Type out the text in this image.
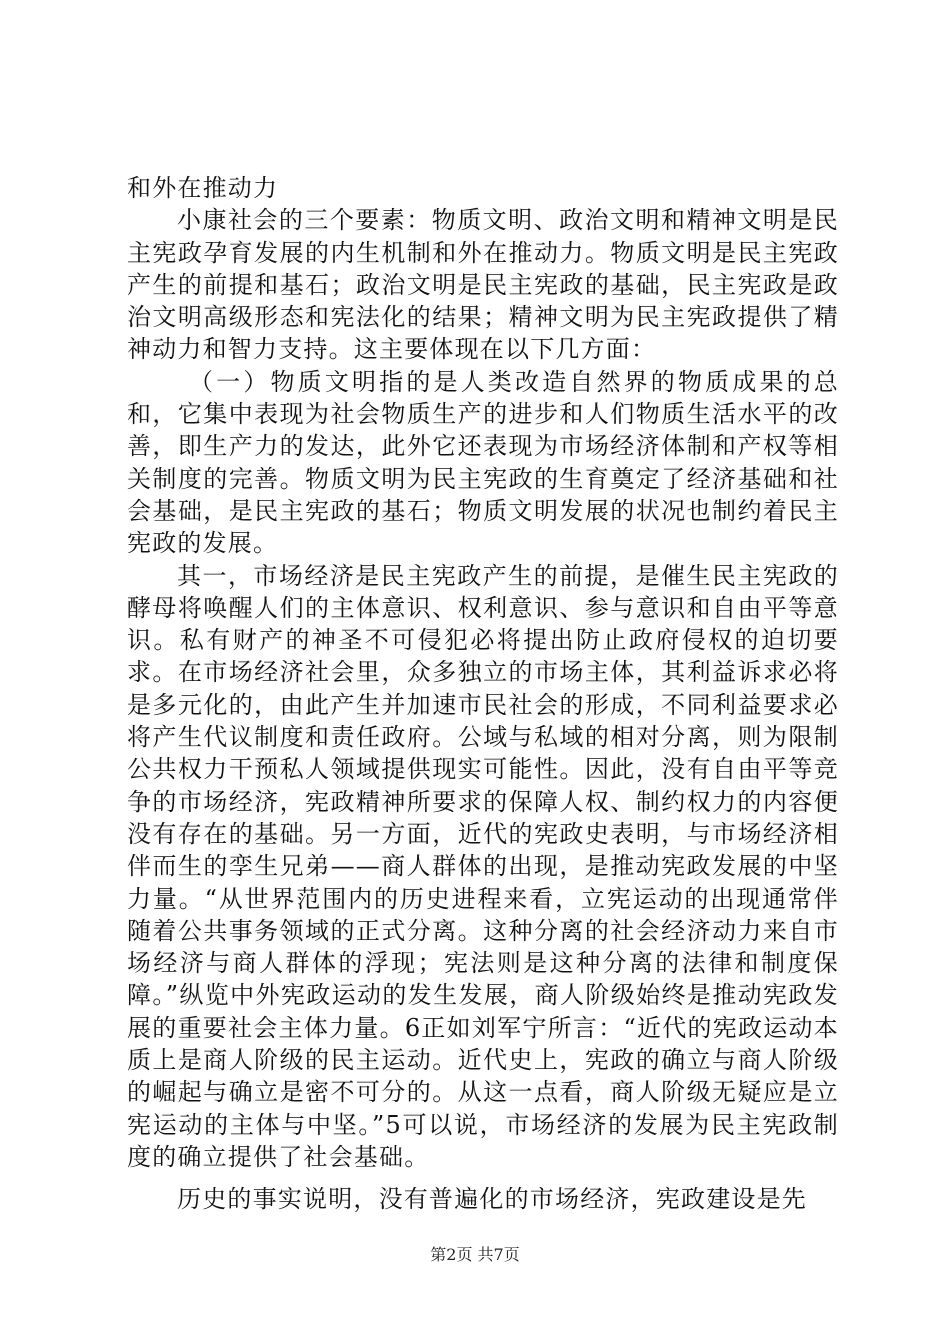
和外在推动力

小康社会的三个要素：物质文明、政治文明和精神文明是民主宪政孕育发展的内生机制和外在推动力。物质文明是民主宪政产生的前提和基石；政治文明是民主宪政的基础，民主宪政是政治文明高级形态和宪法化的结果；精神文明为民主宪政提供了精神动力和智力支持。这主要体现在以下几方面：

（一）物质文明指的是人类改造自然界的物质成果的总和，它集中表现为社会物质生产的进步和人们物质生活水平的改善，即生产力的发达，此外它还表现为市场经济体制和产权等相关制度的完善。物质文明为民主宪政的生育奠定了经济基础和社会基础，是民主宪政的基石；物质文明发展的状况也制约着民主宪政的发展。

其一，市场经济是民主宪政产生的前提，是催生民主宪政的酵母将唤醒人们的主体意识、权利意识、参与意识和自由平等意识。私有财产的神圣不可侵犯必将提出防止政府侵权的迫切要求。在市场经济社会里，众多独立的市场主体，其利益诉求必将是多元化的，由此产生并加速市民社会的形成，不同利益要求必将产生代议制度和责任政府。公域与私域的相对分离，则为限制公共权力干预私人领域提供现实可能性。因此，没有自由平等竞争的市场经济，宪政精神所要求的保障人权、制约权力的内容便没有存在的基础。另一方面，近代的宪政史表明，与市场经济相伴而生的孪生兄弟——商人群体的出现，是推动宪政发展的中坚力量。“从世界范围内的历史进程来看，立宪运动的出现通常伴随着公共事务领域的正式分离。这种分离的社会经济动力来自市场经济与商人群体的浮现；宪法则是这种分离的法律和制度保障。”纵览中外宪政运动的发生发展，商人阶级始终是推动宪政发展的重要社会主体力量。6正如刘军宁所言：“近代的宪政运动本质上是商人阶级的民主运动。近代史上，宪政的确立与商人阶级的崛起与确立是密不可分的。从这一点看，商人阶级无疑应是立宪运动的主体与中坚。”5可以说，市场经济的发展为民主宪政制度的确立提供了社会基础。

历史的事实说明，没有普遍化的市场经济，宪政建设是先

第2页 共7页
